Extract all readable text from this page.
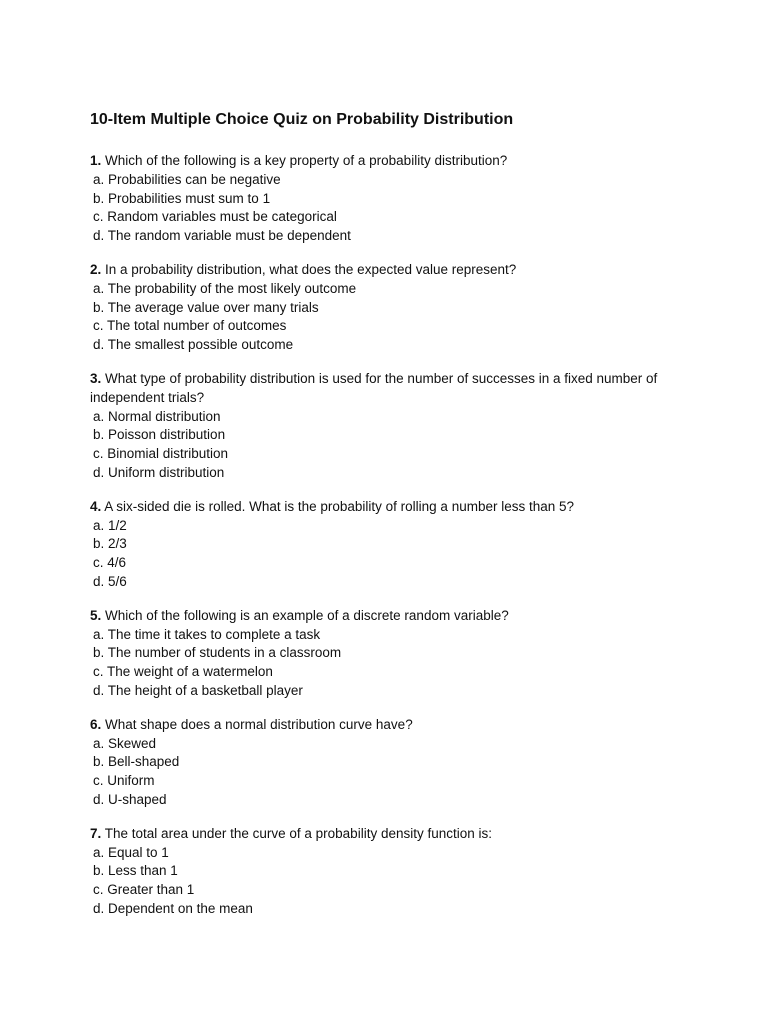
10-Item Multiple Choice Quiz on Probability Distribution
1. Which of the following is a key property of a probability distribution?
a. Probabilities can be negative
b. Probabilities must sum to 1
c. Random variables must be categorical
d. The random variable must be dependent
2. In a probability distribution, what does the expected value represent?
a. The probability of the most likely outcome
b. The average value over many trials
c. The total number of outcomes
d. The smallest possible outcome
3. What type of probability distribution is used for the number of successes in a fixed number of independent trials?
a. Normal distribution
b. Poisson distribution
c. Binomial distribution
d. Uniform distribution
4. A six-sided die is rolled. What is the probability of rolling a number less than 5?
a. 1/2
b. 2/3
c. 4/6
d. 5/6
5. Which of the following is an example of a discrete random variable?
a. The time it takes to complete a task
b. The number of students in a classroom
c. The weight of a watermelon
d. The height of a basketball player
6. What shape does a normal distribution curve have?
a. Skewed
b. Bell-shaped
c. Uniform
d. U-shaped
7. The total area under the curve of a probability density function is:
a. Equal to 1
b. Less than 1
c. Greater than 1
d. Dependent on the mean
